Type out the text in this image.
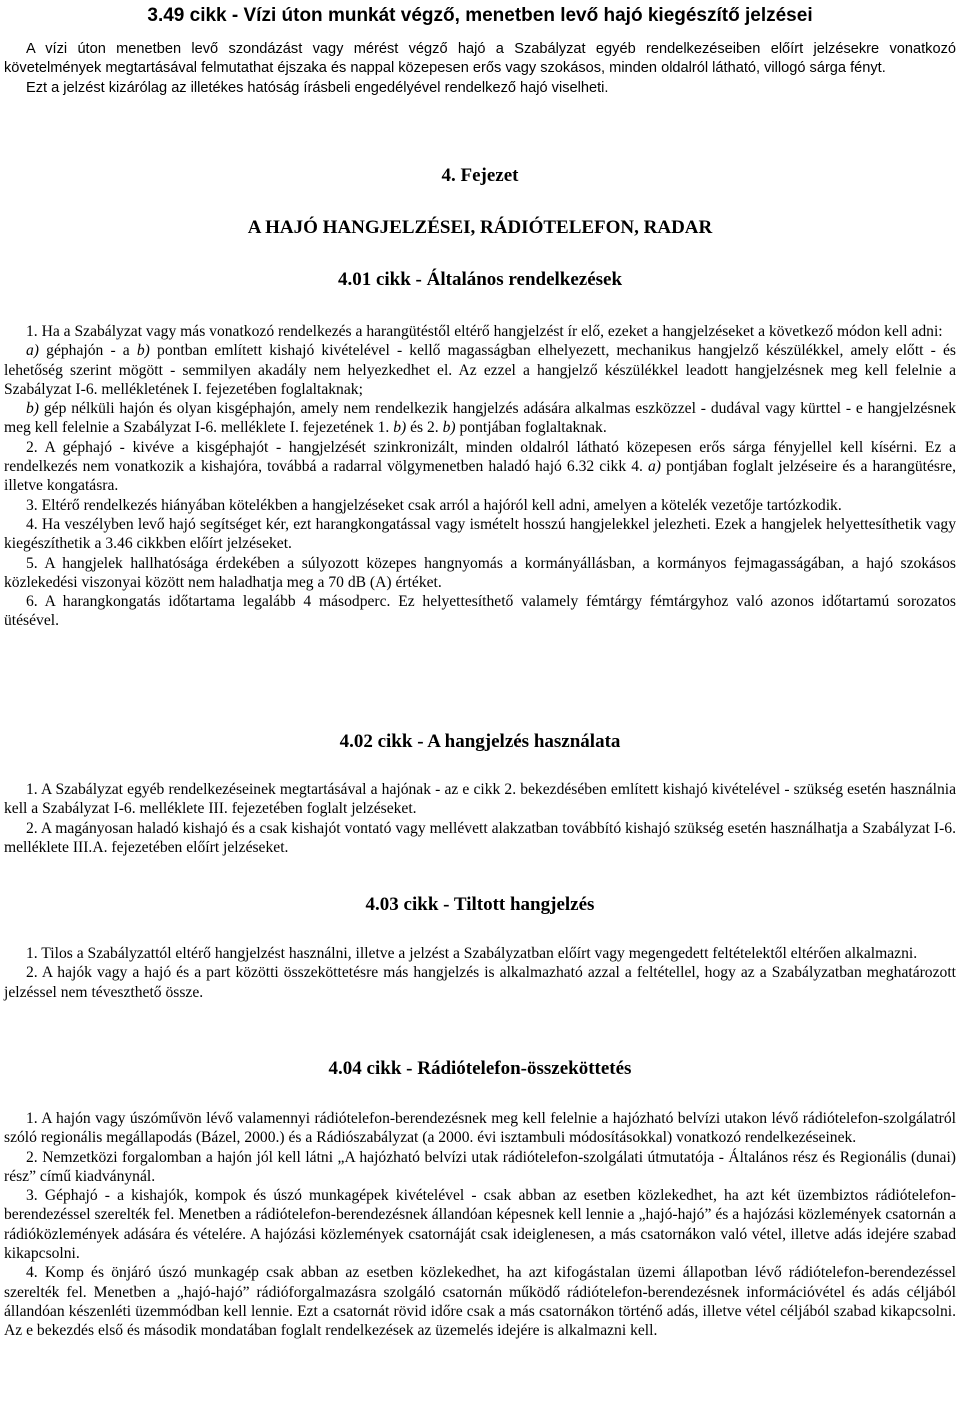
3.49 cikk - Vízi úton munkát végző, menetben levő hajó kiegészítő jelzései

A vízi úton menetben levő szondázást vagy mérést végző hajó a Szabályzat egyéb rendelkezéseiben előírt jelzésekre vonatkozó követelmények megtartásával felmutathat éjszaka és nappal közepesen erős vagy szokásos, minden oldalról látható, villogó sárga fényt.

Ezt a jelzést kizárólag az illetékes hatóság írásbeli engedélyével rendelkező hajó viselheti.

4. Fejezet

A HAJÓ HANGJELZÉSEI, RÁDIÓTELEFON, RADAR

4.01 cikk - Általános rendelkezések

1. Ha a Szabályzat vagy más vonatkozó rendelkezés a harangütéstől eltérő hangjelzést ír elő, ezeket a hangjelzéseket a következő módon kell adni:

a) géphajón - a b) pontban említett kishajó kivételével - kellő magasságban elhelyezett, mechanikus hangjelző készülékkel, amely előtt - és lehetőség szerint mögött - semmilyen akadály nem helyezkedhet el. Az ezzel a hangjelző készülékkel leadott hangjelzésnek meg kell felelnie a Szabályzat I-6. mellékletének I. fejezetében foglaltaknak;

b) gép nélküli hajón és olyan kisgéphajón, amely nem rendelkezik hangjelzés adására alkalmas eszközzel - dudával vagy kürttel - e hangjelzésnek meg kell felelnie a Szabályzat I-6. melléklete I. fejezetének 1. b) és 2. b) pontjában foglaltaknak.

2. A géphajó - kivéve a kisgéphajót - hangjelzését szinkronizált, minden oldalról látható közepesen erős sárga fényjellel kell kísérni. Ez a rendelkezés nem vonatkozik a kishajóra, továbbá a radarral völgymenetben haladó hajó 6.32 cikk 4. a) pontjában foglalt jelzéseire és a harangütésre, illetve kongatásra.

3. Eltérő rendelkezés hiányában kötelékben a hangjelzéseket csak arról a hajóról kell adni, amelyen a kötelék vezetője tartózkodik.

4. Ha veszélyben levő hajó segítséget kér, ezt harangkongatással vagy ismételt hosszú hangjelekkel jelezheti. Ezek a hangjelek helyettesíthetik vagy kiegészíthetik a 3.46 cikkben előírt jelzéseket.

5. A hangjelek hallhatósága érdekében a súlyozott közepes hangnyomás a kormányállásban, a kormányos fejmagasságában, a hajó szokásos közlekedési viszonyai között nem haladhatja meg a 70 dB (A) értéket.

6. A harangkongatás időtartama legalább 4 másodperc. Ez helyettesíthető valamely fémtárgy fémtárgyhoz való azonos időtartamú sorozatos ütésével.

4.02 cikk - A hangjelzés használata

1. A Szabályzat egyéb rendelkezéseinek megtartásával a hajónak - az e cikk 2. bekezdésében említett kishajó kivételével - szükség esetén használnia kell a Szabályzat I-6. melléklete III. fejezetében foglalt jelzéseket.

2. A magányosan haladó kishajó és a csak kishajót vontató vagy mellévett alakzatban továbbító kishajó szükség esetén használhatja a Szabályzat I-6. melléklete III.A. fejezetében előírt jelzéseket.

4.03 cikk - Tiltott hangjelzés

1. Tilos a Szabályzattól eltérő hangjelzést használni, illetve a jelzést a Szabályzatban előírt vagy megengedett feltételektől eltérően alkalmazni.

2. A hajók vagy a hajó és a part közötti összeköttetésre más hangjelzés is alkalmazható azzal a feltétellel, hogy az a Szabályzatban meghatározott jelzéssel nem téveszthető össze.

4.04 cikk - Rádiótelefon-összeköttetés

1. A hajón vagy úszóművön lévő valamennyi rádiótelefon-berendezésnek meg kell felelnie a hajózható belvízi utakon lévő rádiótelefon-szolgálatról szóló regionális megállapodás (Bázel, 2000.) és a Rádiószabályzat (a 2000. évi isztambuli módosításokkal) vonatkozó rendelkezéseinek.

2. Nemzetközi forgalomban a hajón jól kell látni „A hajózható belvízi utak rádiótelefon-szolgálati útmutatója - Általános rész és Regionális (dunai) rész” című kiadványnál.

3. Géphajó - a kishajók, kompok és úszó munkagépek kivételével - csak abban az esetben közlekedhet, ha azt két üzembiztos rádiótelefon-berendezéssel szerelték fel. Menetben a rádiótelefon-berendezésnek állandóan képesnek kell lennie a „hajó-hajó” és a hajózási közlemények csatornán a rádióközlemények adására és vételére. A hajózási közlemények csatornáját csak ideiglenesen, a más csatornákon való vétel, illetve adás idejére szabad kikapcsolni.

4. Komp és önjáró úszó munkagép csak abban az esetben közlekedhet, ha azt kifogástalan üzemi állapotban lévő rádiótelefon-berendezéssel szerelték fel. Menetben a „hajó-hajó” rádióforgalmazásra szolgáló csatornán működő rádiótelefon-berendezésnek információvétel és adás céljából állandóan készenléti üzemmódban kell lennie. Ezt a csatornát rövid időre csak a más csatornákon történő adás, illetve vétel céljából szabad kikapcsolni. Az e bekezdés első és második mondatában foglalt rendelkezések az üzemelés idejére is alkalmazni kell.
